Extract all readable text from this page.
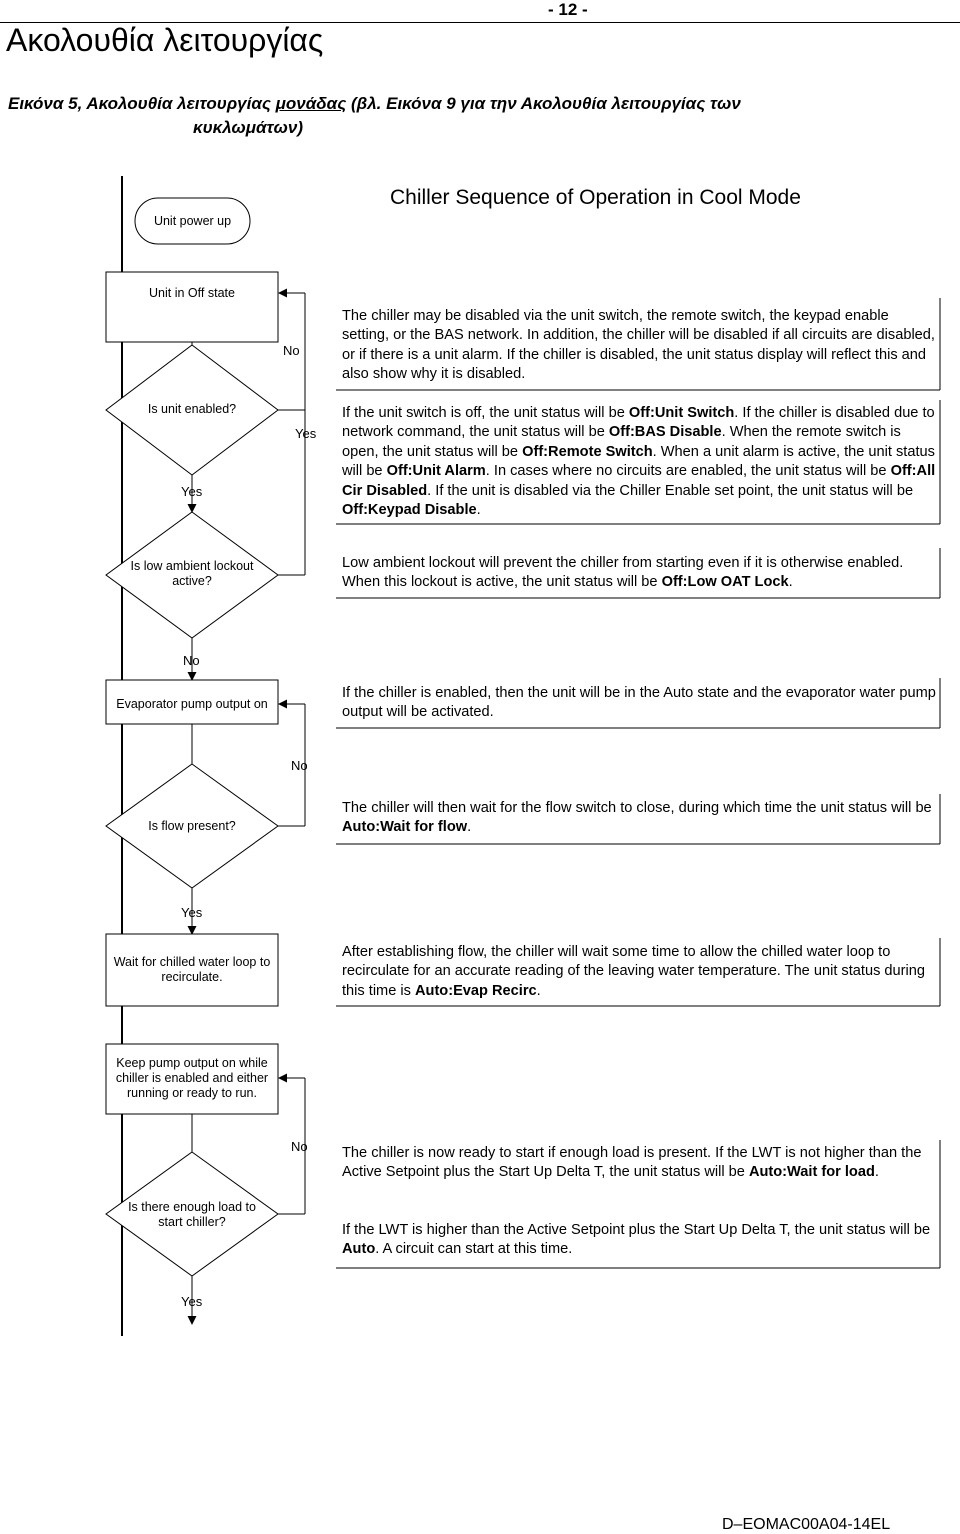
- 12 -
Ακολουθία λειτουργίας
Εικόνα 5, Ακολουθία λειτουργίας μονάδας (βλ. Εικόνα 9 για την Ακολουθία λειτουργίας των
κυκλωμάτων)
Chiller Sequence of Operation in Cool Mode
Unit power up
Unit in Off state
Is unit enabled?
Is low ambient lockout active?
Evaporator pump output on
Is flow present?
Wait for chilled water loop to recirculate.
Keep pump output on while chiller is enabled and either running or ready to run.
Is there enough load to start chiller?
No
Yes
Yes
No
No
Yes
No
Yes
The chiller may be disabled via the unit switch, the remote switch, the keypad enable setting, or the BAS network. In addition, the chiller will be disabled if all circuits are disabled, or if there is a unit alarm. If the chiller is disabled, the unit status display will reflect this and also show why it is disabled.
If the unit switch is off, the unit status will be Off:Unit Switch. If the chiller is disabled due to network command, the unit status will be Off:BAS Disable. When the remote switch is open, the unit status will be Off:Remote Switch. When a unit alarm is active, the unit status will be Off:Unit Alarm. In cases where no circuits are enabled, the unit status will be Off:All Cir Disabled. If the unit is disabled via the Chiller Enable set point, the unit status will be Off:Keypad Disable.
Low ambient lockout will prevent the chiller from starting even if it is otherwise enabled. When this lockout is active, the unit status will be Off:Low OAT Lock.
If the chiller is enabled, then the unit will be in the Auto state and the evaporator water pump output will be activated.
The chiller will then wait for the flow switch to close, during which time the unit status will be Auto:Wait for flow.
After establishing flow, the chiller will wait some time to allow the chilled water loop to recirculate for an accurate reading of the leaving water temperature. The unit status during this time is Auto:Evap Recirc.
The chiller is now ready to start if enough load is present. If the LWT is not higher than the Active Setpoint plus the Start Up Delta T, the unit status will be Auto:Wait for load.
If the LWT is higher than the Active Setpoint plus the Start Up Delta T, the unit status will be Auto. A circuit can start at this time.
D–EOMAC00A04-14EL
